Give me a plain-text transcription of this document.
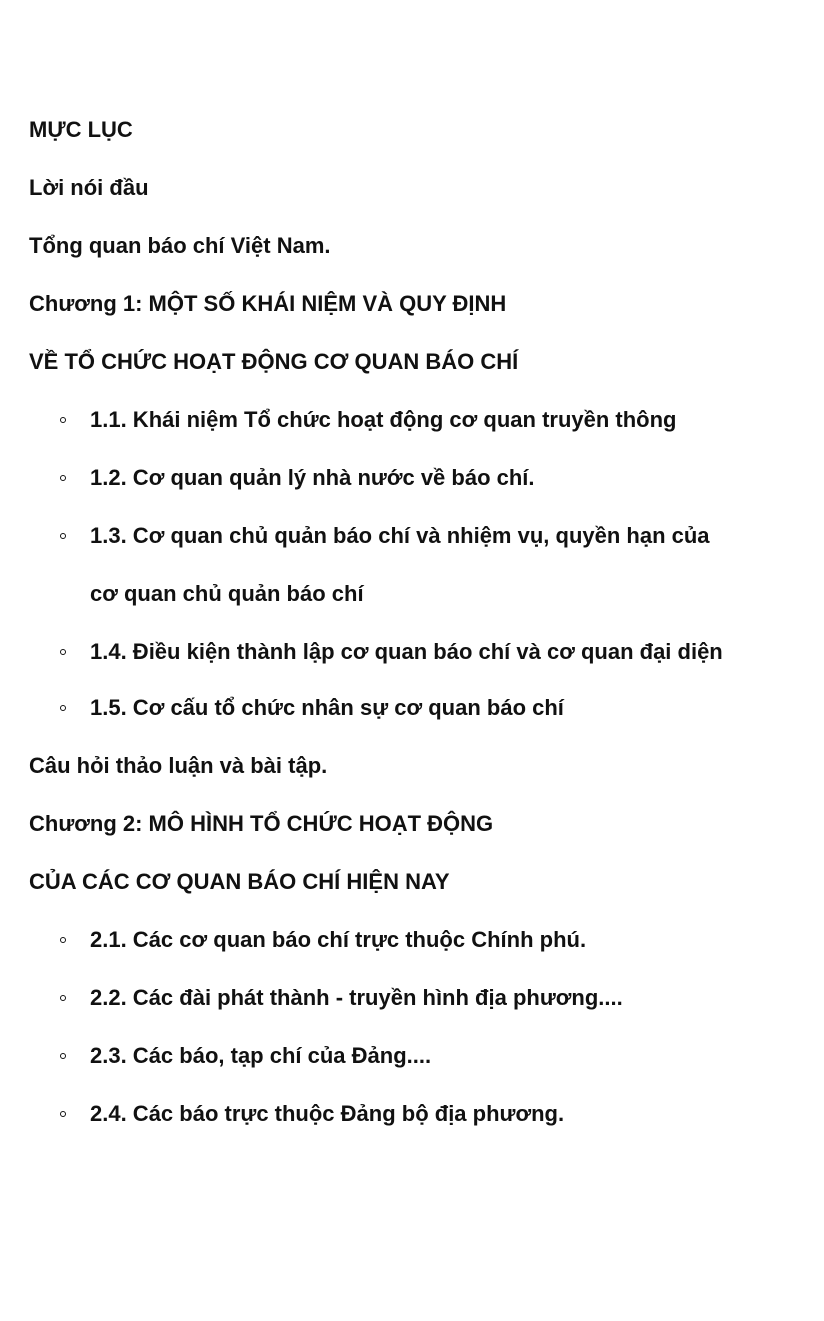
MỰC LỤC
Lời nói đầu
Tổng quan báo chí Việt Nam.
Chương 1: MỘT SỐ KHÁI NIỆM VÀ QUY ĐỊNH
VỀ TỔ CHỨC HOẠT ĐỘNG CƠ QUAN BÁO CHÍ
1.1. Khái niệm Tổ chức hoạt động cơ quan truyền thông
1.2. Cơ quan quản lý nhà nước về báo chí.
1.3. Cơ quan chủ quản báo chí và nhiệm vụ, quyền hạn của
cơ quan chủ quản báo chí
1.4. Điều kiện thành lập cơ quan báo chí và cơ quan đại diện
1.5. Cơ cấu tổ chức nhân sự cơ quan báo chí
Câu hỏi thảo luận và bài tập.
Chương 2: MÔ HÌNH TỔ CHỨC HOẠT ĐỘNG
CỦA CÁC CƠ QUAN BÁO CHÍ HIỆN NAY
2.1. Các cơ quan báo chí trực thuộc Chính phú.
2.2. Các đài phát thành - truyền hình địa phương....
2.3. Các báo, tạp chí của Đảng....
2.4. Các báo trực thuộc Đảng bộ địa phương.
